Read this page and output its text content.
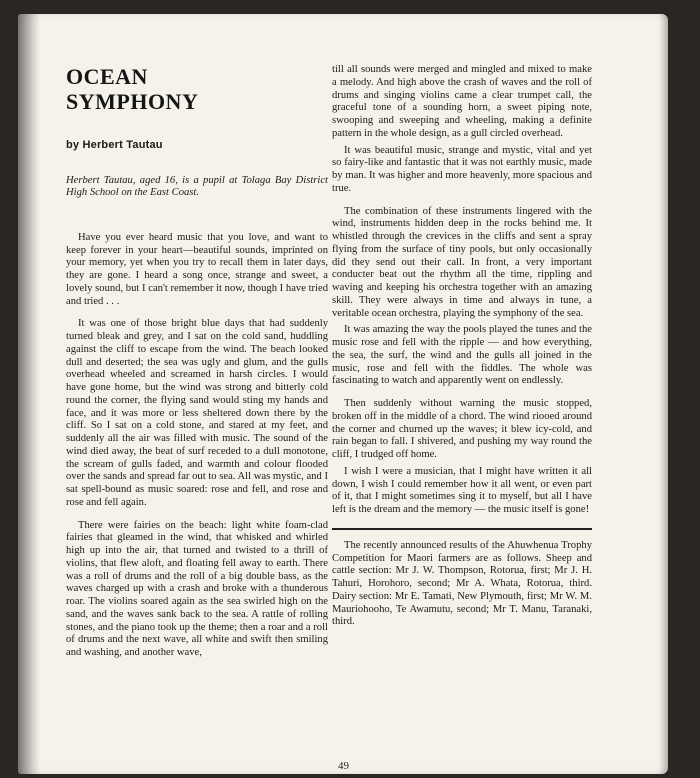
OCEAN
SYMPHONY
by Herbert Tautau
Herbert Tautau, aged 16, is a pupil at Tolaga Bay District High School on the East Coast.

Have you ever heard music that you love, and want to keep forever in your heart—beautiful sounds, imprinted on your memory, yet when you try to recall them in later days, they are gone. I heard a song once, strange and sweet, a lovely sound, but I can't remember it now, though I have tried and tried . . .

It was one of those bright blue days that had suddenly turned bleak and grey, and I sat on the cold sand, huddling against the cliff to escape from the wind. The beach looked dull and deserted; the sea was ugly and glum, and the gulls overhead wheeled and screamed in harsh circles. I would have gone home, but the wind was strong and bitterly cold round the corner, the flying sand would sting my hands and face, and it was more or less sheltered down there by the cliff. So I sat on a cold stone, and stared at my feet, and suddenly all the air was filled with music. The sound of the wind died away, the beat of surf receded to a dull monotone, the scream of gulls faded, and warmth and colour flooded over the sands and spread far out to sea. All was mystic, and I sat spell-bound as music soared: rose and fell, and rose and rose and fell again.

There were fairies on the beach: light white foam-clad fairies that gleamed in the wind, that whisked and whirled high up into the air, that turned and twisted to a thrill of violins, that flew aloft, and floating fell away to earth. There was a roll of drums and the roll of a big double bass, as the waves charged up with a crash and broke with a thunderous roar. The violins soared again as the sea swirled high on the sand, and the waves sank back to the sea. A rattle of rolling stones, and the piano took up the theme; then a roar and a roll of drums and the next wave, all white and swift then smiling and washing, and another wave,

till all sounds were merged and mingled and mixed to make a melody. And high above the crash of waves and the roll of drums and singing violins came a clear trumpet call, the graceful tone of a sounding horn, a sweet piping note, swooping and sweeping and wheeling, making a definite pattern in the whole design, as a gull circled overhead.

It was beautiful music, strange and mystic, vital and yet so fairy-like and fantastic that it was not earthly music, made by man. It was higher and more heavenly, more spacious and true.

The combination of these instruments lingered with the wind, instruments hidden deep in the rocks behind me. It whistled through the crevices in the cliffs and sent a spray flying from the surface of tiny pools, but only occasionally did they send out their call. In front, a very important conducter beat out the rhythm all the time, rippling and waving and keeping his orchestra together with an amazing skill. They were always in time and always in tune, a veritable ocean orchestra, playing the symphony of the sea.

It was amazing the way the pools played the tunes and the music rose and fell with the ripple — and how everything, the sea, the surf, the wind and the gulls all joined in the music, rose and fell with the fiddles. The whole was fascinating to watch and apparently went on endlessly.

Then suddenly without warning the music stopped, broken off in the middle of a chord. The wind riooed around the corner and churned up the waves; it blew icy-cold, and rain began to fall. I shivered, and pushing my way round the cliff, I trudged off home.

I wish I were a musician, that I might have written it all down, I wish I could remember how it all went, or even part of it, that I might sometimes sing it to myself, but all I have left is the dream and the memory — the music itself is gone!

The recently announced results of the Ahuwhenua Trophy Competition for Maori farmers are as follows. Sheep and cattle section: Mr J. W. Thompson, Rotorua, first; Mr J. H. Tahuri, Horohoro, second; Mr A. Whata, Rotorua, third. Dairy section: Mr E. Tamati, New Plymouth, first; Mr W. M. Mauriohooho, Te Awamutu, second; Mr T. Manu, Taranaki, third.

49
